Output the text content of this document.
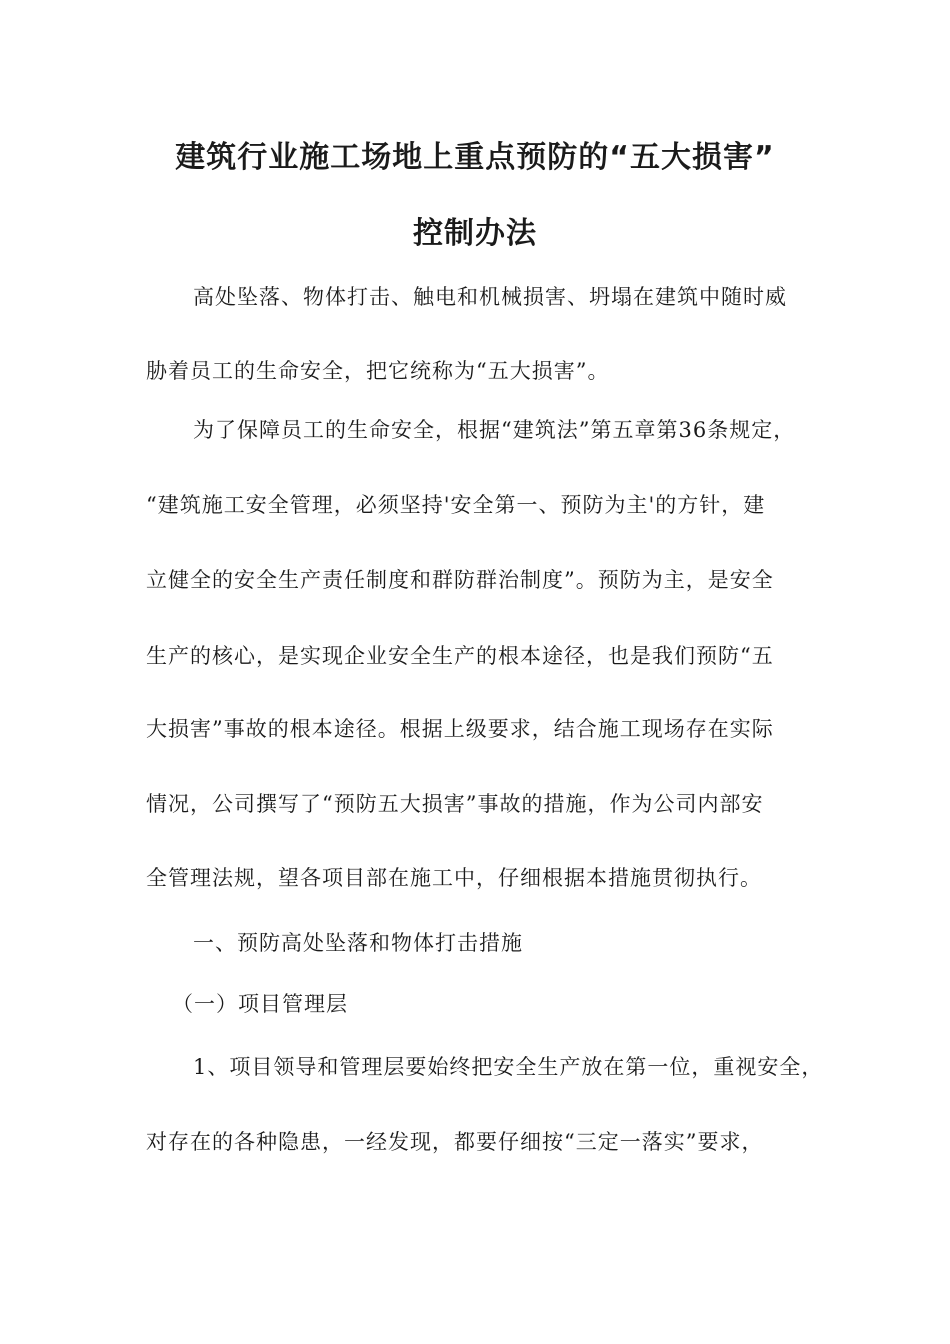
建筑行业施工场地上重点预防的“五大损害”
控制办法

高处坠落、物体打击、触电和机械损害、坍塌在建筑中随时威

胁着员工的生命安全，把它统称为“五大损害”。

为了保障员工的生命安全，根据“建筑法”第五章第36条规定，

“建筑施工安全管理，必须坚持'安全第一、预防为主'的方针，建

立健全的安全生产责任制度和群防群治制度”。预防为主，是安全

生产的核心，是实现企业安全生产的根本途径，也是我们预防“五

大损害”事故的根本途径。根据上级要求，结合施工现场存在实际

情况，公司撰写了“预防五大损害”事故的措施，作为公司内部安

全管理法规，望各项目部在施工中，仔细根据本措施贯彻执行。

一、预防高处坠落和物体打击措施

（一）项目管理层

1、项目领导和管理层要始终把安全生产放在第一位，重视安全，

对存在的各种隐患，一经发现，都要仔细按“三定一落实”要求，
